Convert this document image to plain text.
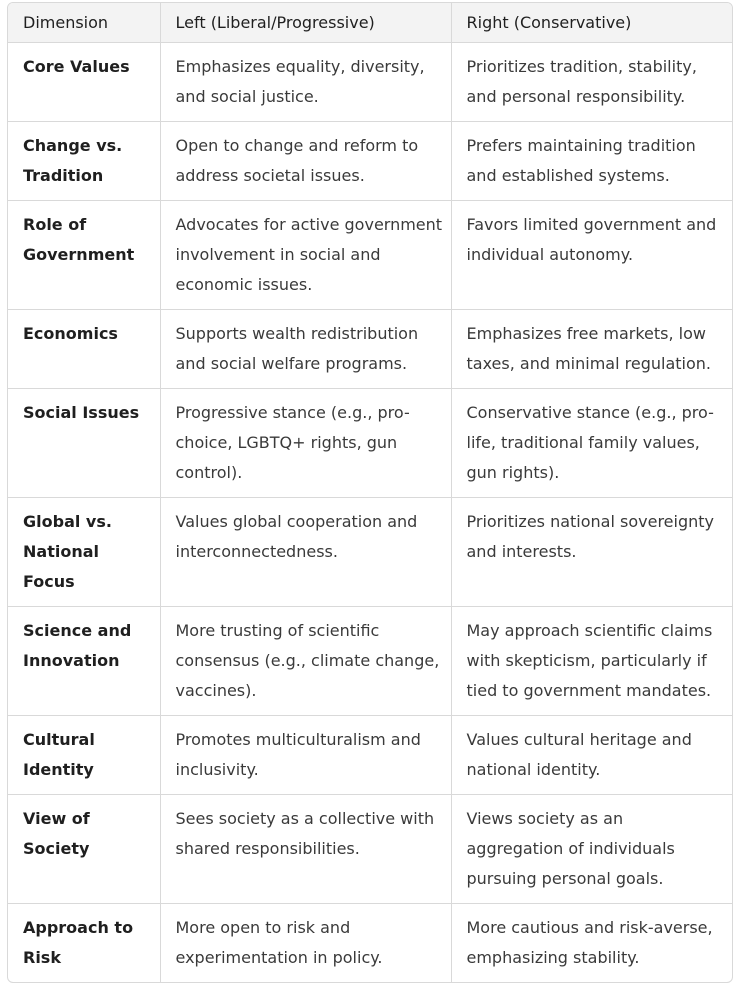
Dimension	Left (Liberal/Progressive)	Right (Conservative)
Core Values	Emphasizes equality, diversity, and social justice.	Prioritizes tradition, stability, and personal responsibility.
Change vs. Tradition	Open to change and reform to address societal issues.	Prefers maintaining tradition and established systems.
Role of Government	Advocates for active government involvement in social and economic issues.	Favors limited government and individual autonomy.
Economics	Supports wealth redistribution and social welfare programs.	Emphasizes free markets, low taxes, and minimal regulation.
Social Issues	Progressive stance (e.g., pro-choice, LGBTQ+ rights, gun control).	Conservative stance (e.g., pro-life, traditional family values, gun rights).
Global vs. National Focus	Values global cooperation and interconnectedness.	Prioritizes national sovereignty and interests.
Science and Innovation	More trusting of scientific consensus (e.g., climate change, vaccines).	May approach scientific claims with skepticism, particularly if tied to government mandates.
Cultural Identity	Promotes multiculturalism and inclusivity.	Values cultural heritage and national identity.
View of Society	Sees society as a collective with shared responsibilities.	Views society as an aggregation of individuals pursuing personal goals.
Approach to Risk	More open to risk and experimentation in policy.	More cautious and risk-averse, emphasizing stability.
